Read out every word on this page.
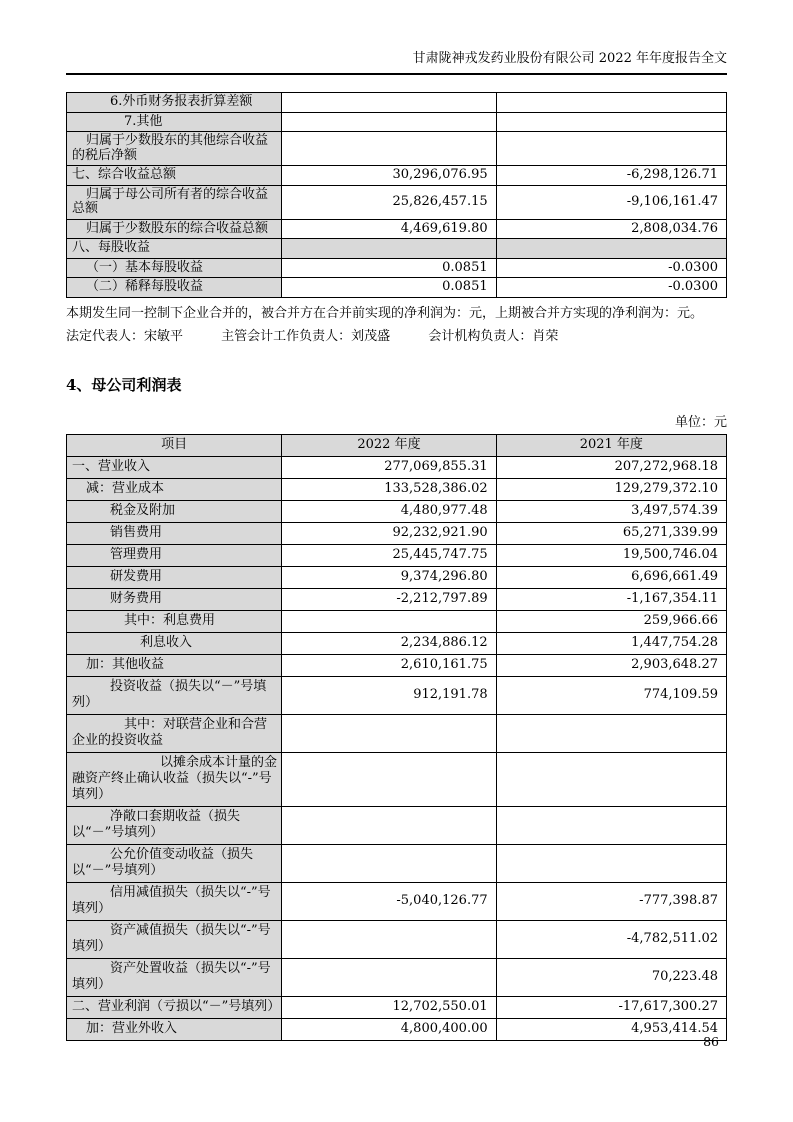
甘肃陇神戎发药业股份有限公司 2022 年年度报告全文
6.外币财务报表折算差额		
7.其他		
归属于少数股东的其他综合收益的税后净额		
七、综合收益总额	30,296,076.95	-6,298,126.71
归属于母公司所有者的综合收益总额	25,826,457.15	-9,106,161.47
归属于少数股东的综合收益总额	4,469,619.80	2,808,034.76
八、每股收益		
（一）基本每股收益	0.0851	-0.0300
（二）稀释每股收益	0.0851	-0.0300

本期发生同一控制下企业合并的，被合并方在合并前实现的净利润为：元，上期被合并方实现的净利润为：元。

法定代表人：宋敏平	主管会计工作负责人：刘茂盛	会计机构负责人：肖荣

4、母公司利润表
单位：元
项目	2022 年度	2021 年度
一、营业收入	277,069,855.31	207,272,968.18
减：营业成本	133,528,386.02	129,279,372.10
税金及附加	4,480,977.48	3,497,574.39
销售费用	92,232,921.90	65,271,339.99
管理费用	25,445,747.75	19,500,746.04
研发费用	9,374,296.80	6,696,661.49
财务费用	-2,212,797.89	-1,167,354.11
其中：利息费用		259,966.66
利息收入	2,234,886.12	1,447,754.28
加：其他收益	2,610,161.75	2,903,648.27
投资收益（损失以“－”号填列）	912,191.78	774,109.59
其中：对联营企业和合营企业的投资收益		
以摊余成本计量的金融资产终止确认收益（损失以“-”号填列）		
净敞口套期收益（损失以“－”号填列）		
公允价值变动收益（损失以“－”号填列）		
信用减值损失（损失以“-”号填列）	-5,040,126.77	-777,398.87
资产减值损失（损失以“-”号填列）		-4,782,511.02
资产处置收益（损失以“-”号填列）		70,223.48
二、营业利润（亏损以“－”号填列）	12,702,550.01	-17,617,300.27
加：营业外收入	4,800,400.00	4,953,414.54
86
